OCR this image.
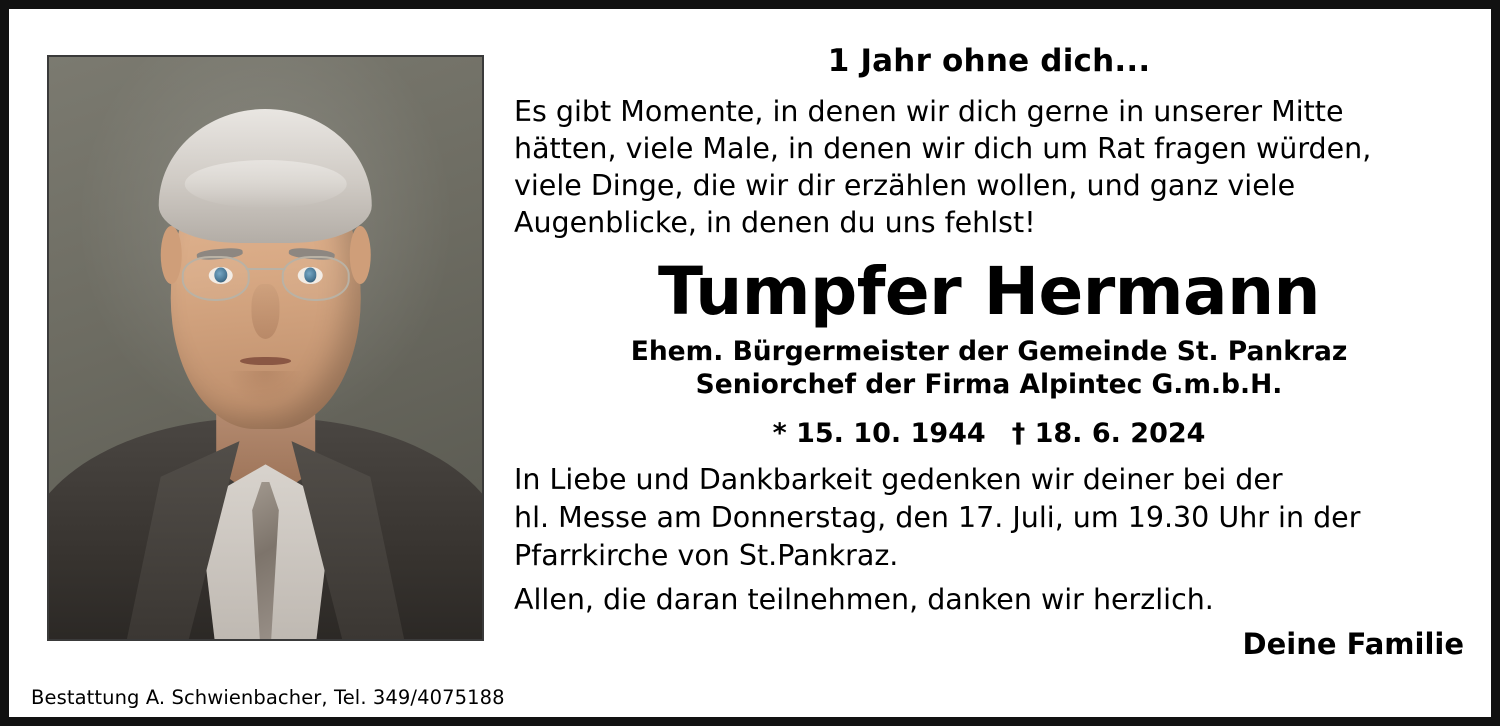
1 Jahr ohne dich...
Es gibt Momente, in denen wir dich gerne in unserer Mitte
hätten, viele Male, in denen wir dich um Rat fragen würden,
viele Dinge, die wir dir erzählen wollen, und ganz viele
Augenblicke, in denen du uns fehlst!
Tumpfer Hermann
Ehem. Bürgermeister der Gemeinde St. Pankraz
Seniorchef der Firma Alpintec G.m.b.H.
* 15. 10. 1944 † 18. 6. 2024
In Liebe und Dankbarkeit gedenken wir deiner bei der
hl. Messe am Donnerstag, den 17. Juli, um 19.30 Uhr in der
Pfarrkirche von St.Pankraz.
Allen, die daran teilnehmen, danken wir herzlich.
Deine Familie
Bestattung A. Schwienbacher, Tel. 349/4075188
